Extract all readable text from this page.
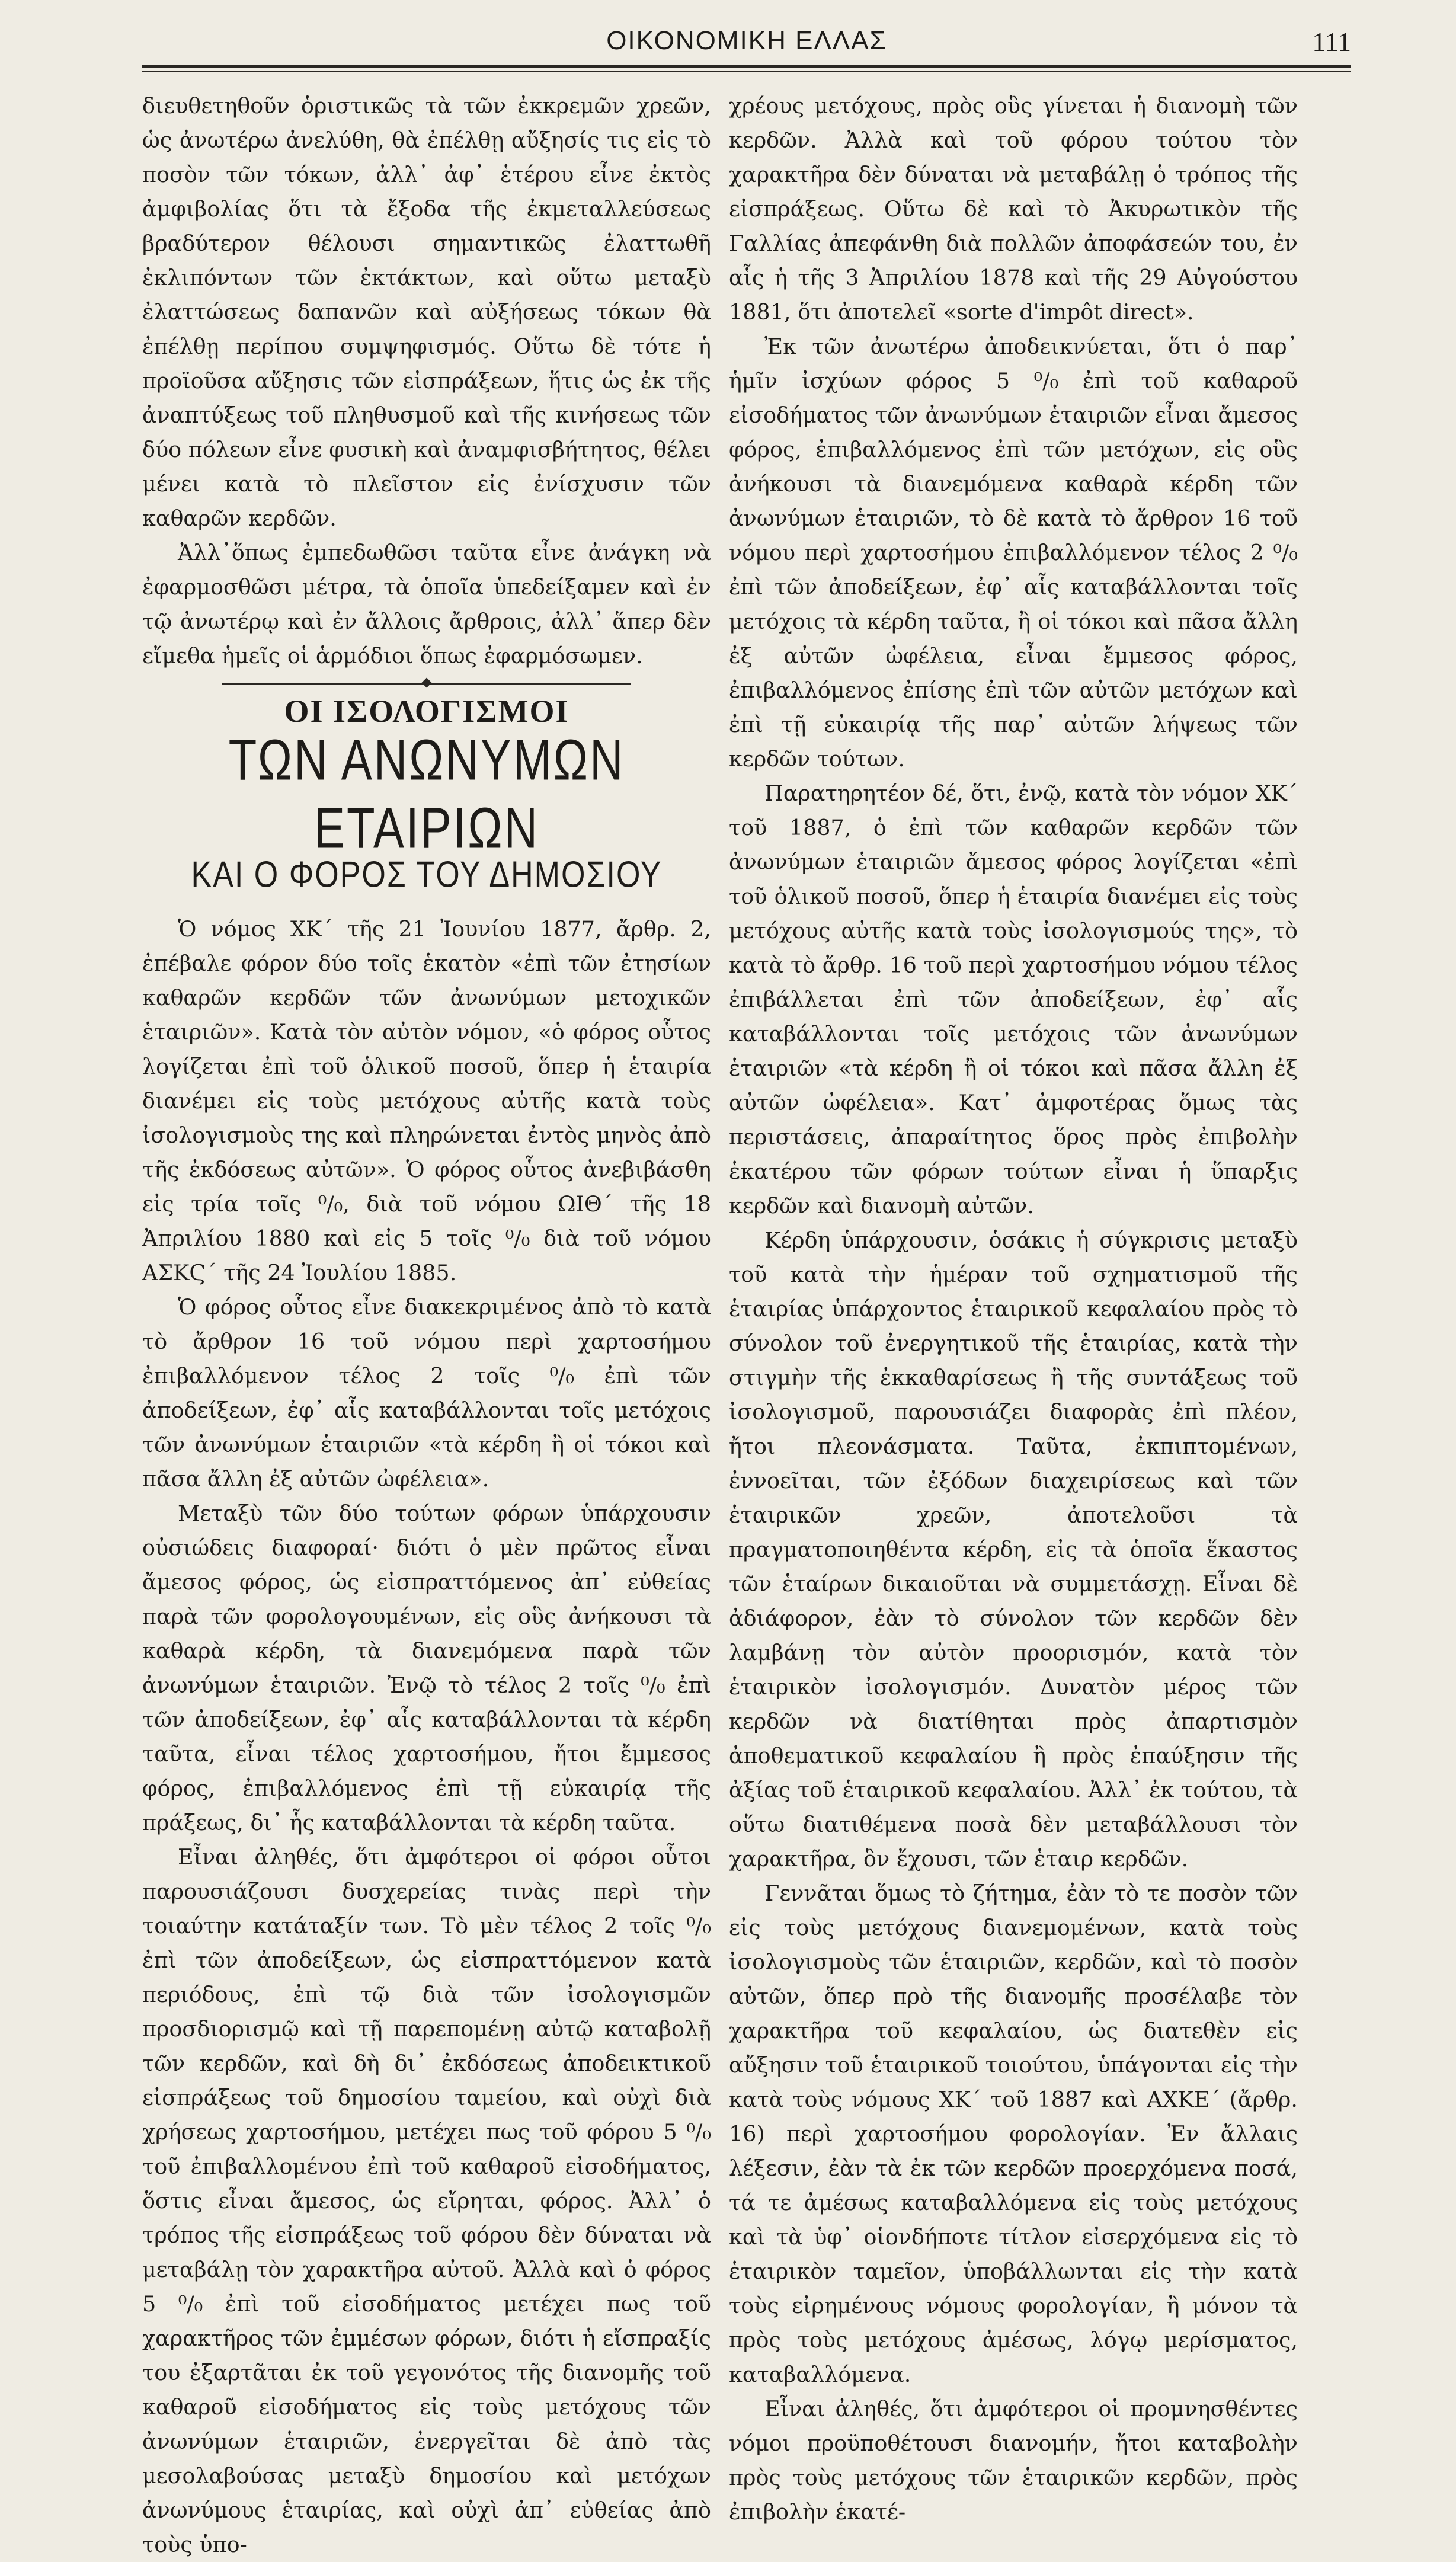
ΟΙΚΟΝΟΜΙΚΗ ΕΛΛΑΣ	111

διευθετηθοῦν ὁριστικῶς τὰ τῶν ἐκκρεμῶν χρεῶν, ὡς ἀνωτέρω ἀνελύθη, θὰ ἐπέλθῃ αὔξησίς τις εἰς τὸ ποσὸν τῶν τόκων, ἀλλ᾽ ἀφ᾽ ἑτέρου εἶνε ἐκτὸς ἀμφιβολίας ὅτι τὰ ἔξοδα τῆς ἐκμεταλλεύσεως βραδύτερον θέλουσι σημαντικῶς ἐλαττωθῆ ἐκλιπόντων τῶν ἐκτάκτων, καὶ οὕτω μεταξὺ ἐλαττώσεως δαπανῶν καὶ αὐξήσεως τόκων θὰ ἐπέλθῃ περίπου συμψηφισμός. Οὕτω δὲ τότε ἡ προϊοῦσα αὔξησις τῶν εἰσπράξεων, ἥτις ὡς ἐκ τῆς ἀναπτύξεως τοῦ πληθυσμοῦ καὶ τῆς κινήσεως τῶν δύο πόλεων εἶνε φυσικὴ καὶ ἀναμφισβήτητος, θέλει μένει κατὰ τὸ πλεῖστον εἰς ἐνίσχυσιν τῶν καθαρῶν κερδῶν.

Ἀλλ᾽ὅπως ἐμπεδωθῶσι ταῦτα εἶνε ἀνάγκη νὰ ἐφαρμοσθῶσι μέτρα, τὰ ὁποῖα ὑπεδείξαμεν καὶ ἐν τῷ ἀνωτέρῳ καὶ ἐν ἄλλοις ἄρθροις, ἀλλ᾽ ἅπερ δὲν εἴμεθα ἡμεῖς οἱ ἁρμόδιοι ὅπως ἐφαρμόσωμεν.

ΟΙ ΙΣΟΛΟΓΙΣΜΟΙ
ΤΩΝ ΑΝΩΝΥΜΩΝ ΕΤΑΙΡΙΩΝ
ΚΑΙ Ο ΦΟΡΟΣ ΤΟΥ ΔΗΜΟΣΙΟΥ

Ὁ νόμος ΧΚ΄ τῆς 21 Ἰουνίου 1877, ἄρθρ. 2, ἐπέβαλε φόρον δύο τοῖς ἑκατὸν «ἐπὶ τῶν ἐτησίων καθαρῶν κερδῶν τῶν ἀνωνύμων μετοχικῶν ἑταιριῶν». Κατὰ τὸν αὐτὸν νόμον, «ὁ φόρος οὗτος λογίζεται ἐπὶ τοῦ ὁλικοῦ ποσοῦ, ὅπερ ἡ ἑταιρία διανέμει εἰς τοὺς μετόχους αὐτῆς κατὰ τοὺς ἰσολογισμοὺς της καὶ πληρώνεται ἐντὸς μηνὸς ἀπὸ τῆς ἐκδόσεως αὐτῶν». Ὁ φόρος οὗτος ἀνεβιβάσθη εἰς τρία τοῖς ⁰/₀, διὰ τοῦ νόμου ΩΙΘ΄ τῆς 18 Ἀπριλίου 1880 καὶ εἰς 5 τοῖς ⁰/₀ διὰ τοῦ νόμου ΑΣΚϚ΄ τῆς 24 Ἰουλίου 1885.

Ὁ φόρος οὗτος εἶνε διακεκριμένος ἀπὸ τὸ κατὰ τὸ ἄρθρον 16 τοῦ νόμου περὶ χαρτοσήμου ἐπιβαλλόμενον τέλος 2 τοῖς ⁰/₀ ἐπὶ τῶν ἀποδείξεων, ἐφ᾽ αἷς καταβάλλονται τοῖς μετόχοις τῶν ἀνωνύμων ἑταιριῶν «τὰ κέρδη ἢ οἱ τόκοι καὶ πᾶσα ἄλλη ἐξ αὐτῶν ὠφέλεια».

Μεταξὺ τῶν δύο τούτων φόρων ὑπάρχουσιν οὐσιώδεις διαφοραί· διότι ὁ μὲν πρῶτος εἶναι ἄμεσος φόρος, ὡς εἰσπραττόμενος ἀπ᾽ εὐθείας παρὰ τῶν φορολογουμένων, εἰς οὓς ἀνήκουσι τὰ καθαρὰ κέρδη, τὰ διανεμόμενα παρὰ τῶν ἀνωνύμων ἑταιριῶν. Ἐνῷ τὸ τέλος 2 τοῖς ⁰/₀ ἐπὶ τῶν ἀποδείξεων, ἐφ᾽ αἷς καταβάλλονται τὰ κέρδη ταῦτα, εἶναι τέλος χαρτοσήμου, ἤτοι ἔμμεσος φόρος, ἐπιβαλλόμενος ἐπὶ τῇ εὐκαιρίᾳ τῆς πράξεως, δι᾽ ἧς καταβάλλονται τὰ κέρδη ταῦτα.

Εἶναι ἀληθές, ὅτι ἀμφότεροι οἱ φόροι οὗτοι παρουσιάζουσι δυσχερείας τινὰς περὶ τὴν τοιαύτην κατάταξίν των. Τὸ μὲν τέλος 2 τοῖς ⁰/₀ ἐπὶ τῶν ἀποδείξεων, ὡς εἰσπραττόμενον κατὰ περιόδους, ἐπὶ τῷ διὰ τῶν ἰσολογισμῶν προσδιορισμῷ καὶ τῇ παρεπομένῃ αὐτῷ καταβολῇ τῶν κερδῶν, καὶ δὴ δι᾽ ἐκδόσεως ἀποδεικτικοῦ εἰσπράξεως τοῦ δημοσίου ταμείου, καὶ οὐχὶ διὰ χρήσεως χαρτοσήμου, μετέχει πως τοῦ φόρου 5 ⁰/₀ τοῦ ἐπιβαλλομένου ἐπὶ τοῦ καθαροῦ εἰσοδήματος, ὅστις εἶναι ἄμεσος, ὡς εἴρηται, φόρος. Ἀλλ᾽ ὁ τρόπος τῆς εἰσπράξεως τοῦ φόρου δὲν δύναται νὰ μεταβάλῃ τὸν χαρακτῆρα αὐτοῦ. Ἀλλὰ καὶ ὁ φόρος 5 ⁰/₀ ἐπὶ τοῦ εἰσοδήματος μετέχει πως τοῦ χαρακτῆρος τῶν ἐμμέσων φόρων, διότι ἡ εἴσπραξίς του ἐξαρτᾶται ἐκ τοῦ γεγονότος τῆς διανομῆς τοῦ καθαροῦ εἰσοδήματος εἰς τοὺς μετόχους τῶν ἀνωνύμων ἑταιριῶν, ἐνεργεῖται δὲ ἀπὸ τὰς μεσολαβούσας μεταξὺ δημοσίου καὶ μετόχων ἀνωνύμους ἑταιρίας, καὶ οὐχὶ ἀπ᾽ εὐθείας ἀπὸ τοὺς ὑπο-

χρέους μετόχους, πρὸς οὓς γίνεται ἡ διανομὴ τῶν κερδῶν. Ἀλλὰ καὶ τοῦ φόρου τούτου τὸν χαρακτῆρα δὲν δύναται νὰ μεταβάλῃ ὁ τρόπος τῆς εἰσπράξεως. Οὕτω δὲ καὶ τὸ Ἀκυρωτικὸν τῆς Γαλλίας ἀπεφάνθη διὰ πολλῶν ἀποφάσεών του, ἐν αἷς ἡ τῆς 3 Ἀπριλίου 1878 καὶ τῆς 29 Αὐγούστου 1881, ὅτι ἀποτελεῖ «sorte d'impôt direct».

Ἐκ τῶν ἀνωτέρω ἀποδεικνύεται, ὅτι ὁ παρ᾽ ἡμῖν ἰσχύων φόρος 5 ⁰/₀ ἐπὶ τοῦ καθαροῦ εἰσοδήματος τῶν ἀνωνύμων ἑταιριῶν εἶναι ἄμεσος φόρος, ἐπιβαλλόμενος ἐπὶ τῶν μετόχων, εἰς οὓς ἀνήκουσι τὰ διανεμόμενα καθαρὰ κέρδη τῶν ἀνωνύμων ἑταιριῶν, τὸ δὲ κατὰ τὸ ἄρθρον 16 τοῦ νόμου περὶ χαρτοσήμου ἐπιβαλλόμενον τέλος 2 ⁰/₀ ἐπὶ τῶν ἀποδείξεων, ἐφ᾽ αἷς καταβάλλονται τοῖς μετόχοις τὰ κέρδη ταῦτα, ἢ οἱ τόκοι καὶ πᾶσα ἄλλη ἐξ αὐτῶν ὠφέλεια, εἶναι ἔμμεσος φόρος, ἐπιβαλλόμενος ἐπίσης ἐπὶ τῶν αὐτῶν μετόχων καὶ ἐπὶ τῇ εὐκαιρίᾳ τῆς παρ᾽ αὐτῶν λήψεως τῶν κερδῶν τούτων.

Παρατηρητέον δέ, ὅτι, ἐνῷ, κατὰ τὸν νόμον ΧΚ΄ τοῦ 1887, ὁ ἐπὶ τῶν καθαρῶν κερδῶν τῶν ἀνωνύμων ἑταιριῶν ἄμεσος φόρος λογίζεται «ἐπὶ τοῦ ὁλικοῦ ποσοῦ, ὅπερ ἡ ἑταιρία διανέμει εἰς τοὺς μετόχους αὐτῆς κατὰ τοὺς ἰσολογισμούς της», τὸ κατὰ τὸ ἄρθρ. 16 τοῦ περὶ χαρτοσήμου νόμου τέλος ἐπιβάλλεται ἐπὶ τῶν ἀποδείξεων, ἐφ᾽ αἷς καταβάλλονται τοῖς μετόχοις τῶν ἀνωνύμων ἑταιριῶν «τὰ κέρδη ἢ οἱ τόκοι καὶ πᾶσα ἄλλη ἐξ αὐτῶν ὠφέλεια». Κατ᾽ ἀμφοτέρας ὅμως τὰς περιστάσεις, ἀπαραίτητος ὅρος πρὸς ἐπιβολὴν ἑκατέρου τῶν φόρων τούτων εἶναι ἡ ὕπαρξις κερδῶν καὶ διανομὴ αὐτῶν.

Κέρδη ὑπάρχουσιν, ὁσάκις ἡ σύγκρισις μεταξὺ τοῦ κατὰ τὴν ἡμέραν τοῦ σχηματισμοῦ τῆς ἑταιρίας ὑπάρχοντος ἑταιρικοῦ κεφαλαίου πρὸς τὸ σύνολον τοῦ ἐνεργητικοῦ τῆς ἑταιρίας, κατὰ τὴν στιγμὴν τῆς ἐκκαθαρίσεως ἢ τῆς συντάξεως τοῦ ἰσολογισμοῦ, παρουσιάζει διαφορὰς ἐπὶ πλέον, ἤτοι πλεονάσματα. Ταῦτα, ἐκπιπτομένων, ἐννοεῖται, τῶν ἐξόδων διαχειρίσεως καὶ τῶν ἑταιρικῶν χρεῶν, ἀποτελοῦσι τὰ πραγματοποιηθέντα κέρδη, εἰς τὰ ὁποῖα ἕκαστος τῶν ἑταίρων δικαιοῦται νὰ συμμετάσχῃ. Εἶναι δὲ ἀδιάφορον, ἐὰν τὸ σύνολον τῶν κερδῶν δὲν λαμβάνῃ τὸν αὐτὸν προορισμόν, κατὰ τὸν ἑταιρικὸν ἰσολογισμόν. Δυνατὸν μέρος τῶν κερδῶν νὰ διατίθηται πρὸς ἀπαρτισμὸν ἀποθεματικοῦ κεφαλαίου ἢ πρὸς ἐπαύξησιν τῆς ἀξίας τοῦ ἑταιρικοῦ κεφαλαίου. Ἀλλ᾽ ἐκ τούτου, τὰ οὕτω διατιθέμενα ποσὰ δὲν μεταβάλλουσι τὸν χαρακτῆρα, ὃν ἔχουσι, τῶν ἑταιρ κερδῶν.

Γεννᾶται ὅμως τὸ ζήτημα, ἐὰν τὸ τε ποσὸν τῶν εἰς τοὺς μετόχους διανεμομένων, κατὰ τοὺς ἰσολογισμοὺς τῶν ἑταιριῶν, κερδῶν, καὶ τὸ ποσὸν αὐτῶν, ὅπερ πρὸ τῆς διανομῆς προσέλαβε τὸν χαρακτῆρα τοῦ κεφαλαίου, ὡς διατεθὲν εἰς αὔξησιν τοῦ ἑταιρικοῦ τοιούτου, ὑπάγονται εἰς τὴν κατὰ τοὺς νόμους ΧΚ΄ τοῦ 1887 καὶ ΑΧΚΕ΄ (ἄρθρ. 16) περὶ χαρτοσήμου φορολογίαν. Ἐν ἄλλαις λέξεσιν, ἐὰν τὰ ἐκ τῶν κερδῶν προερχόμενα ποσά, τά τε ἀμέσως καταβαλλόμενα εἰς τοὺς μετόχους καὶ τὰ ὑφ᾽ οἱονδήποτε τίτλον εἰσερχόμενα εἰς τὸ ἑταιρικὸν ταμεῖον, ὑποβάλλωνται εἰς τὴν κατὰ τοὺς εἰρημένους νόμους φορολογίαν, ἢ μόνον τὰ πρὸς τοὺς μετόχους ἀμέσως, λόγῳ μερίσματος, καταβαλλόμενα.

Εἶναι ἀληθές, ὅτι ἀμφότεροι οἱ προμνησθέντες νόμοι προϋποθέτουσι διανομήν, ἤτοι καταβολὴν πρὸς τοὺς μετόχους τῶν ἑταιρικῶν κερδῶν, πρὸς ἐπιβολὴν ἑκατέ-
